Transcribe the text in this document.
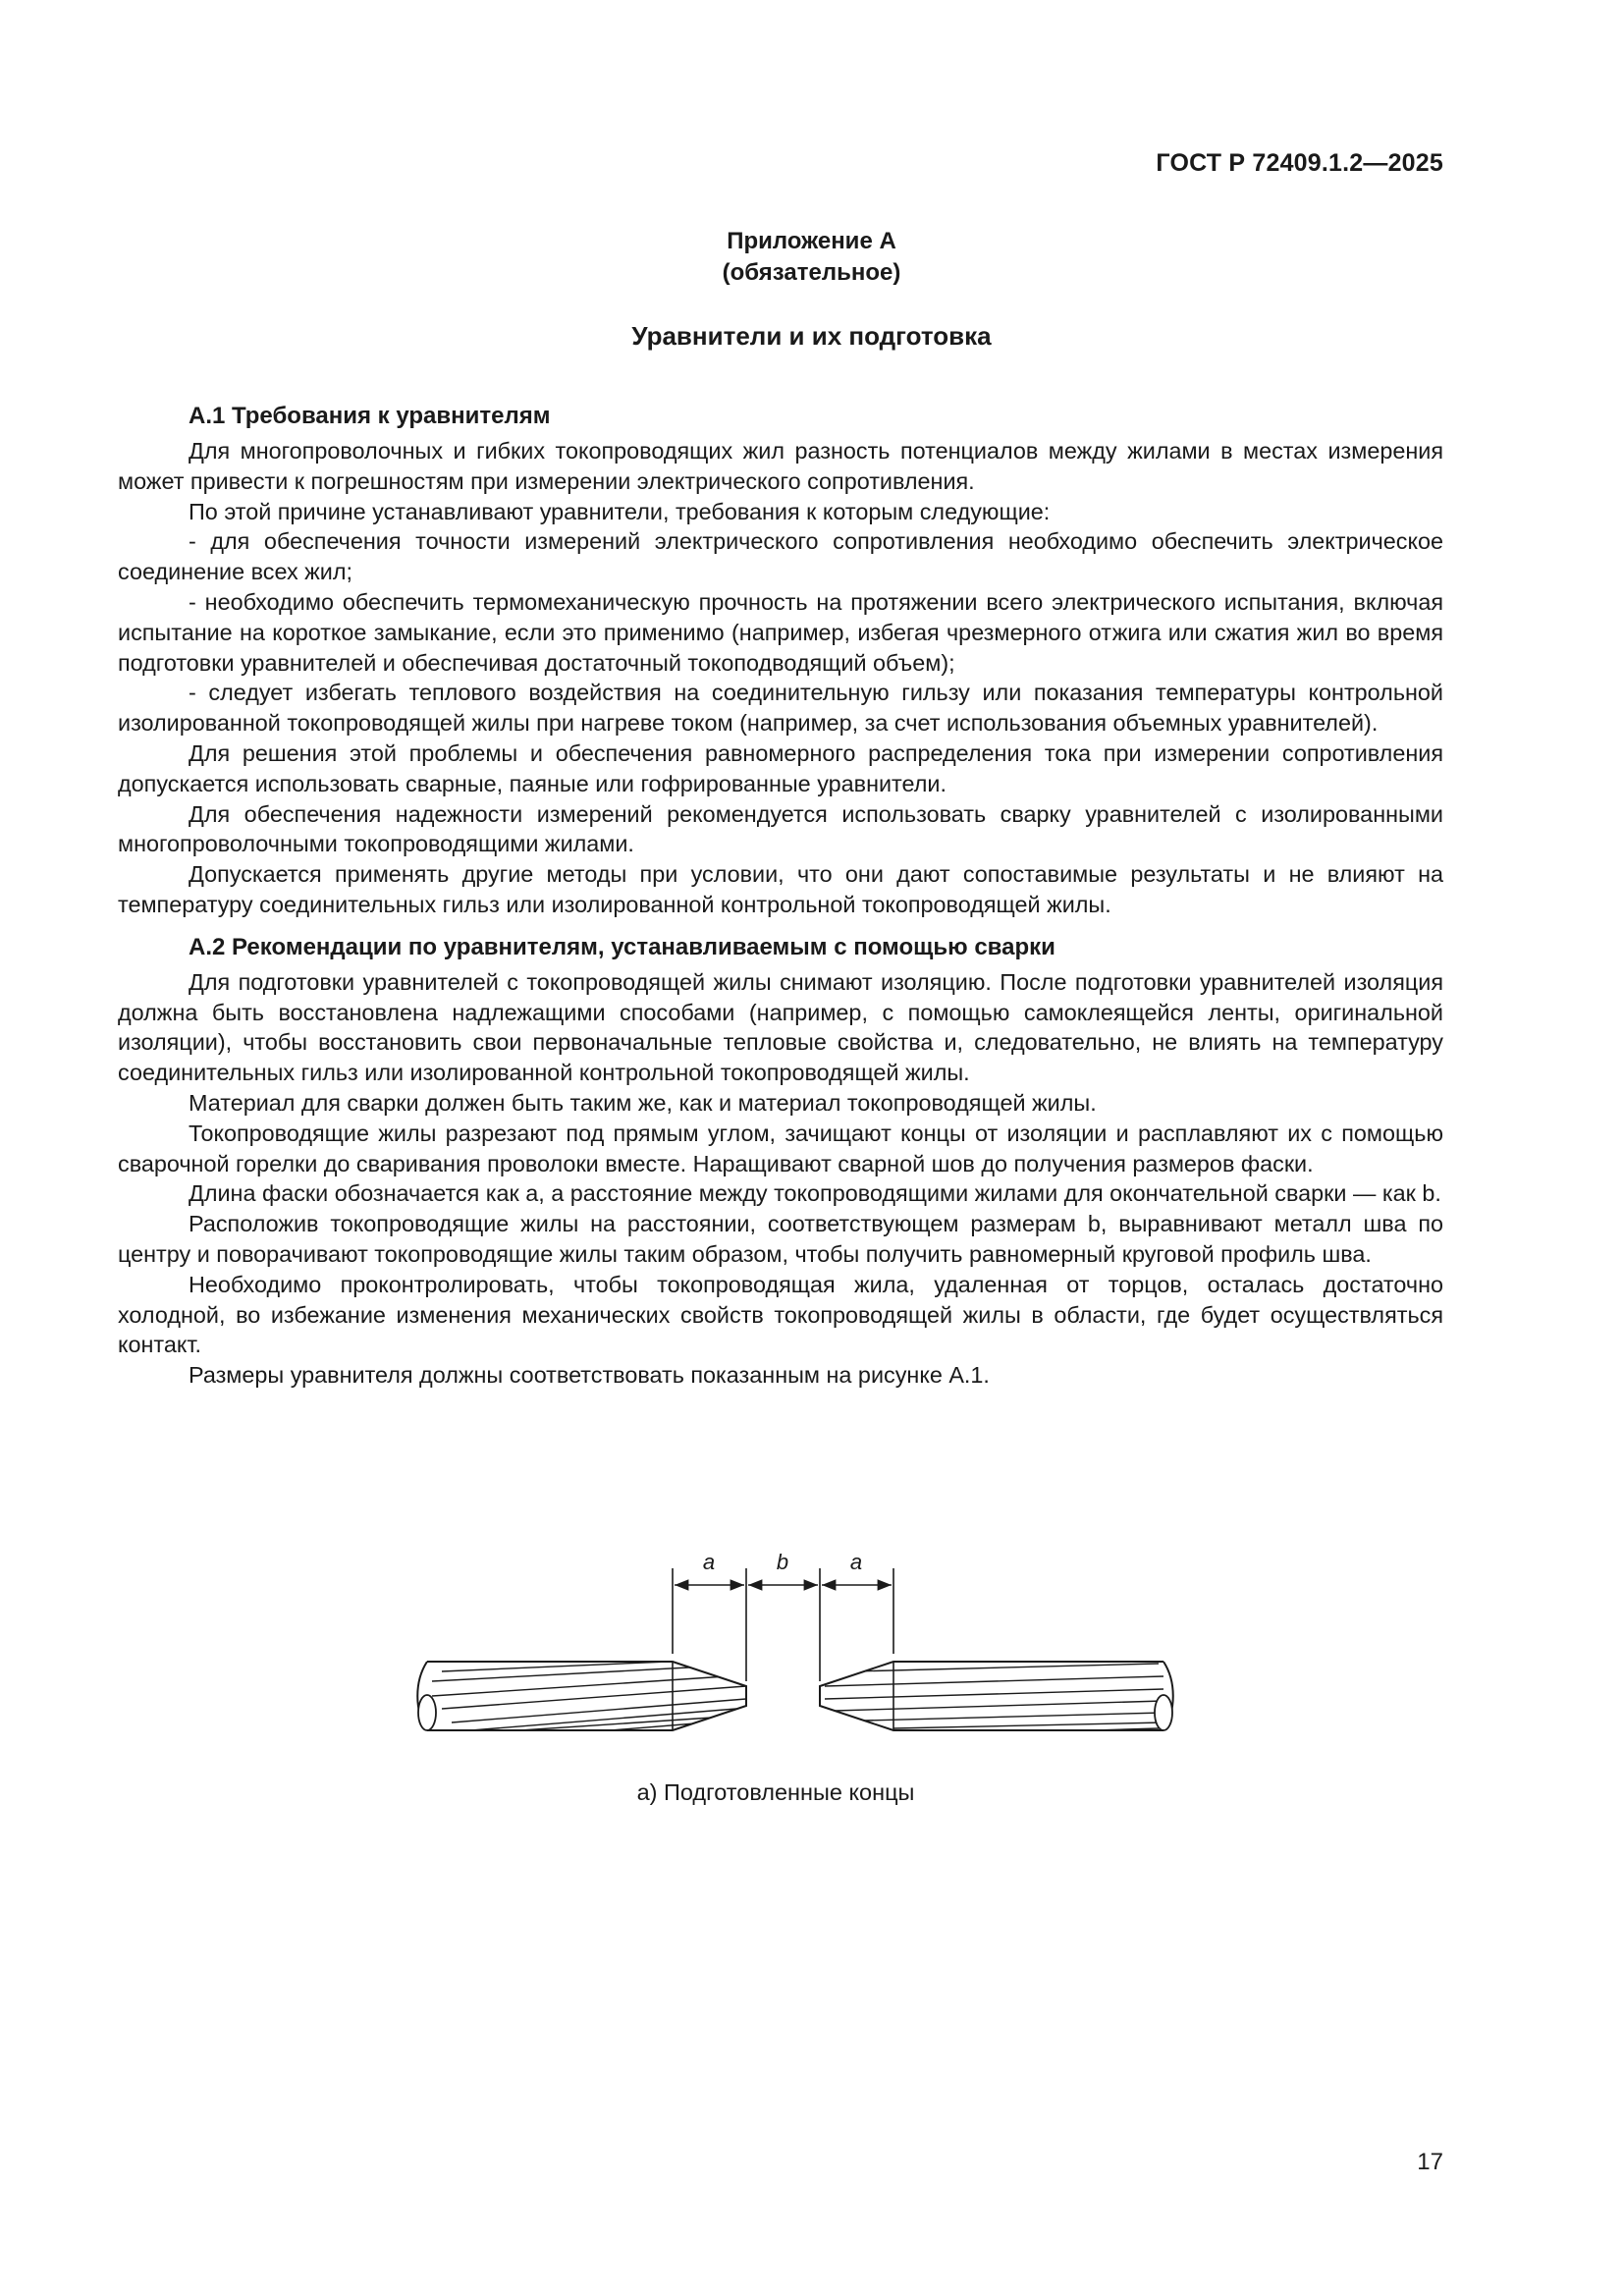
ГОСТ Р 72409.1.2—2025
Приложение А
(обязательное)
Уравнители и их подготовка
А.1 Требования к уравнителям

Для многопроволочных и гибких токопроводящих жил разность потенциалов между жилами в местах измерения может привести к погрешностям при измерении электрического сопротивления.

По этой причине устанавливают уравнители, требования к которым следующие:

- для обеспечения точности измерений электрического сопротивления необходимо обеспечить электрическое соединение всех жил;

- необходимо обеспечить термомеханическую прочность на протяжении всего электрического испытания, включая испытание на короткое замыкание, если это применимо (например, избегая чрезмерного отжига или сжатия жил во время подготовки уравнителей и обеспечивая достаточный токоподводящий объем);

- следует избегать теплового воздействия на соединительную гильзу или показания температуры контрольной изолированной токопроводящей жилы при нагреве током (например, за счет использования объемных уравнителей).

Для решения этой проблемы и обеспечения равномерного распределения тока при измерении сопротивления допускается использовать сварные, паяные или гофрированные уравнители.

Для обеспечения надежности измерений рекомендуется использовать сварку уравнителей с изолированными многопроволочными токопроводящими жилами.

Допускается применять другие методы при условии, что они дают сопоставимые результаты и не влияют на температуру соединительных гильз или изолированной контрольной токопроводящей жилы.

А.2 Рекомендации по уравнителям, устанавливаемым с помощью сварки

Для подготовки уравнителей с токопроводящей жилы снимают изоляцию. После подготовки уравнителей изоляция должна быть восстановлена надлежащими способами (например, с помощью самоклеящейся ленты, оригинальной изоляции), чтобы восстановить свои первоначальные тепловые свойства и, следовательно, не влиять на температуру соединительных гильз или изолированной контрольной токопроводящей жилы.

Материал для сварки должен быть таким же, как и материал токопроводящей жилы.

Токопроводящие жилы разрезают под прямым углом, зачищают концы от изоляции и расплавляют их с помощью сварочной горелки до сваривания проволоки вместе. Наращивают сварной шов до получения размеров фаски.

Длина фаски обозначается как a, а расстояние между токопроводящими жилами для окончательной сварки — как b.

Расположив токопроводящие жилы на расстоянии, соответствующем размерам b, выравнивают металл шва по центру и поворачивают токопроводящие жилы таким образом, чтобы получить равномерный круговой профиль шва.

Необходимо проконтролировать, чтобы токопроводящая жила, удаленная от торцов, осталась достаточно холодной, во избежание изменения механических свойств токопроводящей жилы в области, где будет осуществляться контакт.

Размеры уравнителя должны соответствовать показанным на рисунке А.1.

a	b	a
а) Подготовленные концы
17
